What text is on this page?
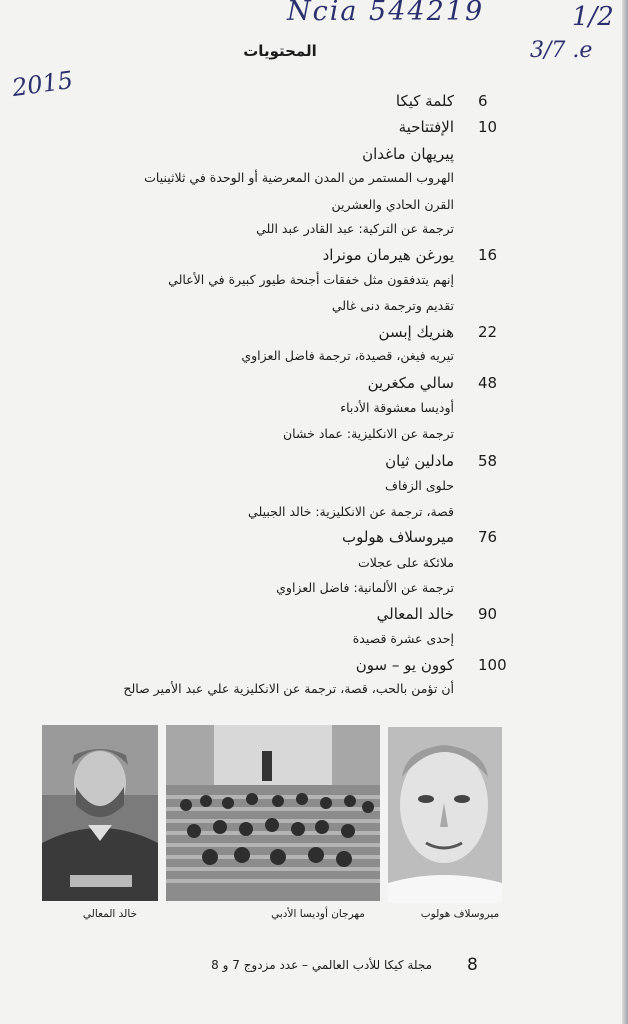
Ncia 544219	1/2
3/7 .e
2015
المحتويات
كلمة كيكا 6
الإفتتاحية 10
پيريهان ماغدان
الهروب المستمر من المدن المعرضية أو الوحدة في ثلاثينيات
القرن الحادي والعشرين
ترجمة عن التركية: عبد القادر عبد اللي
يورغن هيرمان مونراد 16
إنهم يتدفقون مثل خفقات أجنحة طيور كبيرة في الأعالي
تقديم وترجمة دنى غالي
هنريك إبسن 22
تيريه فيغن، قصيدة، ترجمة فاضل العزاوي
سالي مكغرين 48
أوديسا معشوقة الأدباء
ترجمة عن الانكليزية: عماد خشان
مادلين ثيان 58
حلوى الزفاف
قصة، ترجمة عن الانكليزية: خالد الجبيلي
ميروسلاف هولوب 76
ملائكة على عجلات
ترجمة عن الألمانية: فاضل العزاوي
خالد المعالي 90
إحدى عشرة قصيدة
كوون يو – سون 100
أن تؤمن بالحب، قصة، ترجمة عن الانكليزية علي عبد الأمير صالح
خالد المعالي	مهرجان أوديسا الأدبي	ميروسلاف هولوب
مجلة كيكا للأدب العالمي – عدد مزدوج 7 و 8 8
